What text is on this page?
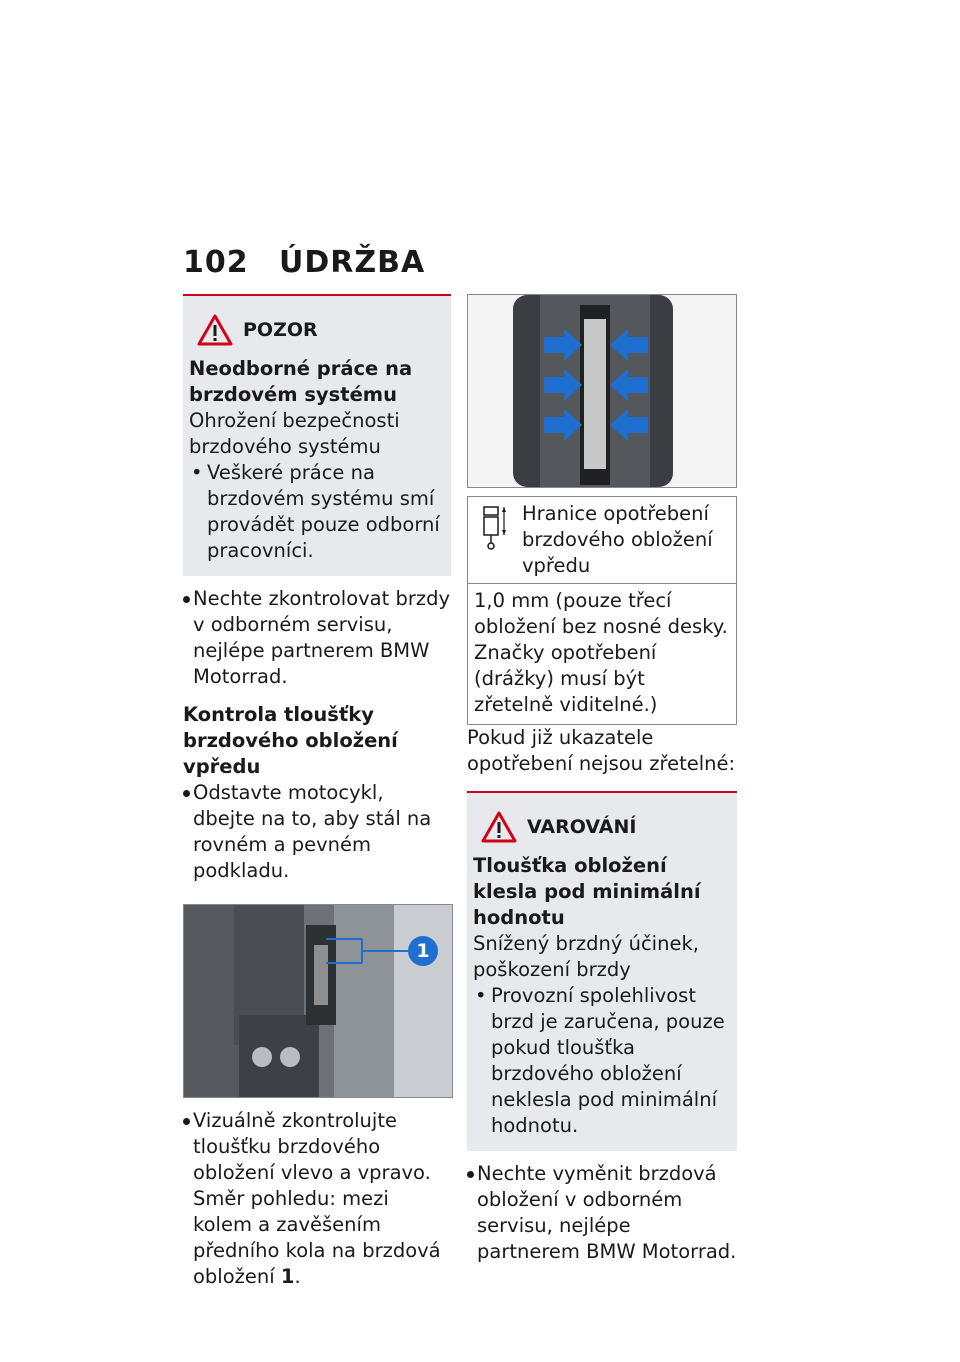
102 ÚDRŽBA
POZOR
Neodborné práce na brzdovém systému
Ohrožení bezpečnosti brzdového systému
• Veškeré práce na brzdovém systému smí provádět pouze odborní pracovníci.
Nechte zkontrolovat brzdy v odborném servisu, nejlépe partnerem BMW Motorrad.
Kontrola tloušťky brzdového obložení vpředu
Odstavte motocykl, dbejte na to, aby stál na rovném a pevném podkladu.
1
Vizuálně zkontrolujte tloušťku brzdového obložení vlevo a vpravo. Směr pohledu: mezi kolem a zavěšením předního kola na brzdová obložení 1.
Hranice opotřebení brzdového obložení vpředu
1,0 mm (pouze třecí obložení bez nosné desky. Značky opotřebení (drážky) musí být zřetelně viditelné.)
Pokud již ukazatele opotřebení nejsou zřetelné:
VAROVÁNÍ
Tloušťka obložení klesla pod minimální hodnotu
Snížený brzdný účinek, poškození brzdy
• Provozní spolehlivost brzd je zaručena, pouze pokud tloušťka brzdového obložení neklesla pod minimální hodnotu.
Nechte vyměnit brzdová obložení v odborném servisu, nejlépe partnerem BMW Motorrad.
